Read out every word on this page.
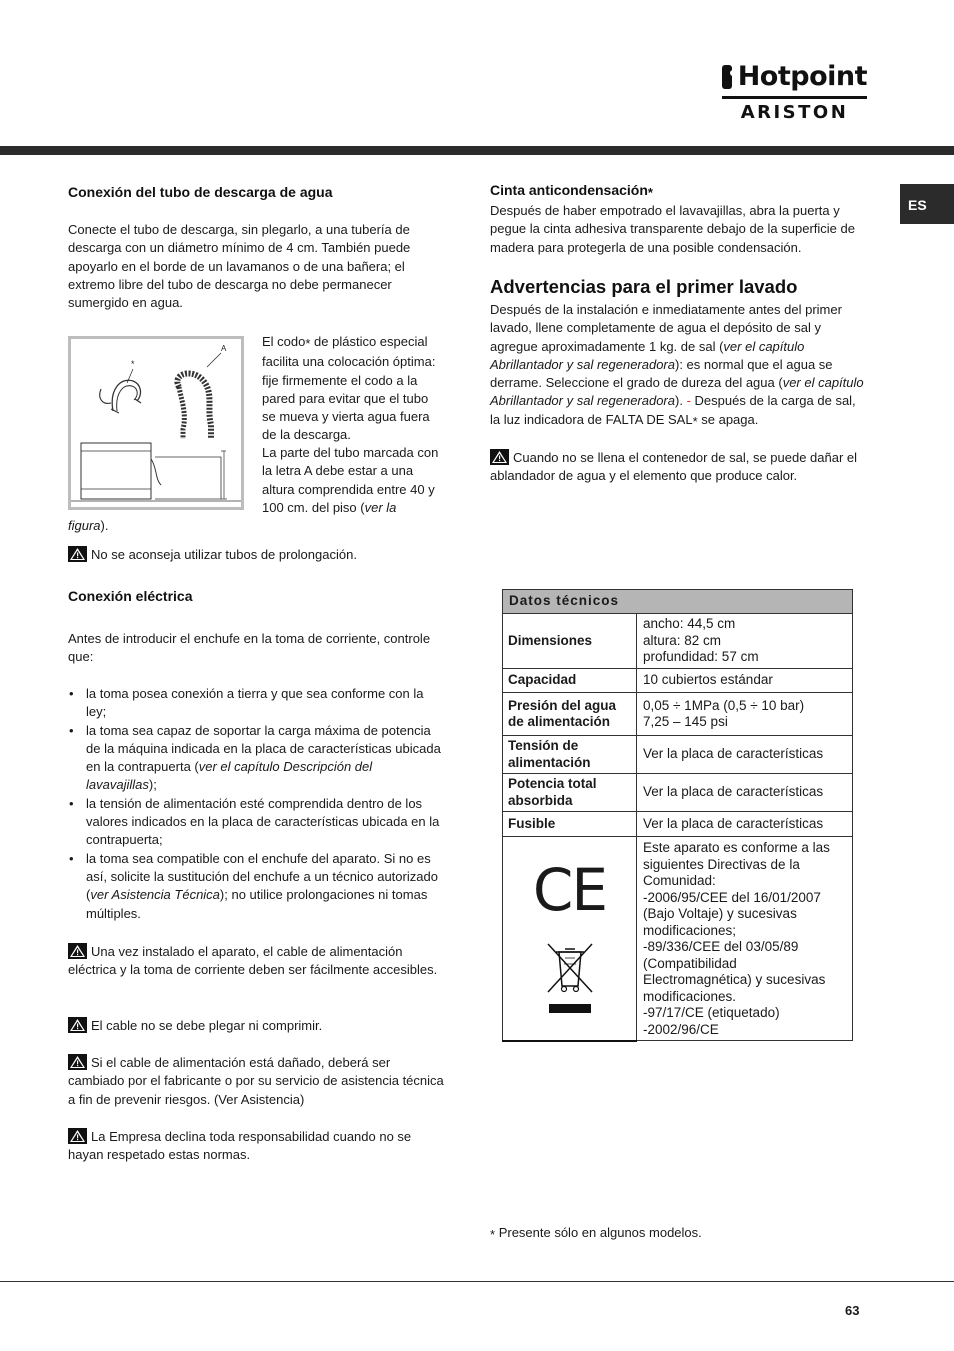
Hotpoint
ARISTON
ES
Conexión del tubo de descarga de agua

Conecte el tubo de descarga, sin plegarlo, a una tubería de descarga con un diámetro mínimo de 4 cm. También puede apoyarlo en el borde de un lavamanos o de una bañera; el extremo libre del tubo de descarga no debe permanecer sumergido en agua.

*
A	El codo* de plástico especial facilita una colocación óptima: fije firmemente el codo a la pared para evitar que el tubo se mueva y vierta agua fuera de la descarga.

La parte del tubo marcada con la letra A debe estar a una altura comprendida entre 40 y 100 cm. del piso (ver la

figura).

No se aconseja utilizar tubos de prolongación.

Conexión eléctrica

Antes de introducir el enchufe en la toma de corriente, controle que:

• la toma posea conexión a tierra y que sea conforme con la ley;
• la toma sea capaz de soportar la carga máxima de potencia de la máquina indicada en la placa de características ubicada en la contrapuerta (ver el capítulo Descripción del lavavajillas);
• la tensión de alimentación esté comprendida dentro de los valores indicados en la placa de características ubicada en la contrapuerta;
• la toma sea compatible con el enchufe del aparato. Si no es así, solicite la sustitución del enchufe a un técnico autorizado (ver Asistencia Técnica); no utilice prolongaciones ni tomas múltiples.

Una vez instalado el aparato, el cable de alimentación eléctrica y la toma de corriente deben ser fácilmente accesibles.

El cable no se debe plegar ni comprimir.

Si el cable de alimentación está dañado, deberá ser cambiado por el fabricante o por su servicio de asistencia técnica a fin de prevenir riesgos. (Ver Asistencia)

La Empresa declina toda responsabilidad cuando no se hayan respetado estas normas.

Cinta anticondensación*

Después de haber empotrado el lavavajillas, abra la puerta y pegue la cinta adhesiva transparente debajo de la superficie de madera para protegerla de una posible condensación.

Advertencias para el primer lavado

Después de la instalación e inmediatamente antes del primer lavado, llene completamente de agua el depósito de sal y agregue aproximadamente 1 kg. de sal (ver el capítulo Abrillantador y sal regeneradora): es normal que el agua se derrame. Seleccione el grado de dureza del agua (ver el capítulo Abrillantador y sal regeneradora). - Después de la carga de sal, la luz indicadora de FALTA DE SAL* se apaga.

Cuando no se llena el contenedor de sal, se puede dañar el ablandador de agua y el elemento que produce calor.

Datos técnicos	
Dimensiones	ancho: 44,5 cm
altura: 82 cm
profundidad: 57 cm

Capacidad	10 cubiertos estándar
Presión del agua de alimentación	0,05 ÷ 1MPa (0,5 ÷ 10 bar)
7,25 – 145 psi

Tensión de alimentación	Ver la placa de características
Potencia total absorbida	Ver la placa de características
Fusible	Ver la placa de características

CE	Este aparato es conforme a las siguientes Directivas de la Comunidad:
-2006/95/CEE del 16/01/2007 (Bajo Voltaje) y sucesivas modificaciones;
-89/336/CEE del 03/05/89 (Compatibilidad Electromagnética) y sucesivas modificaciones.
-97/17/CE (etiquetado)
-2002/96/CE

* Presente sólo en algunos modelos.

63
